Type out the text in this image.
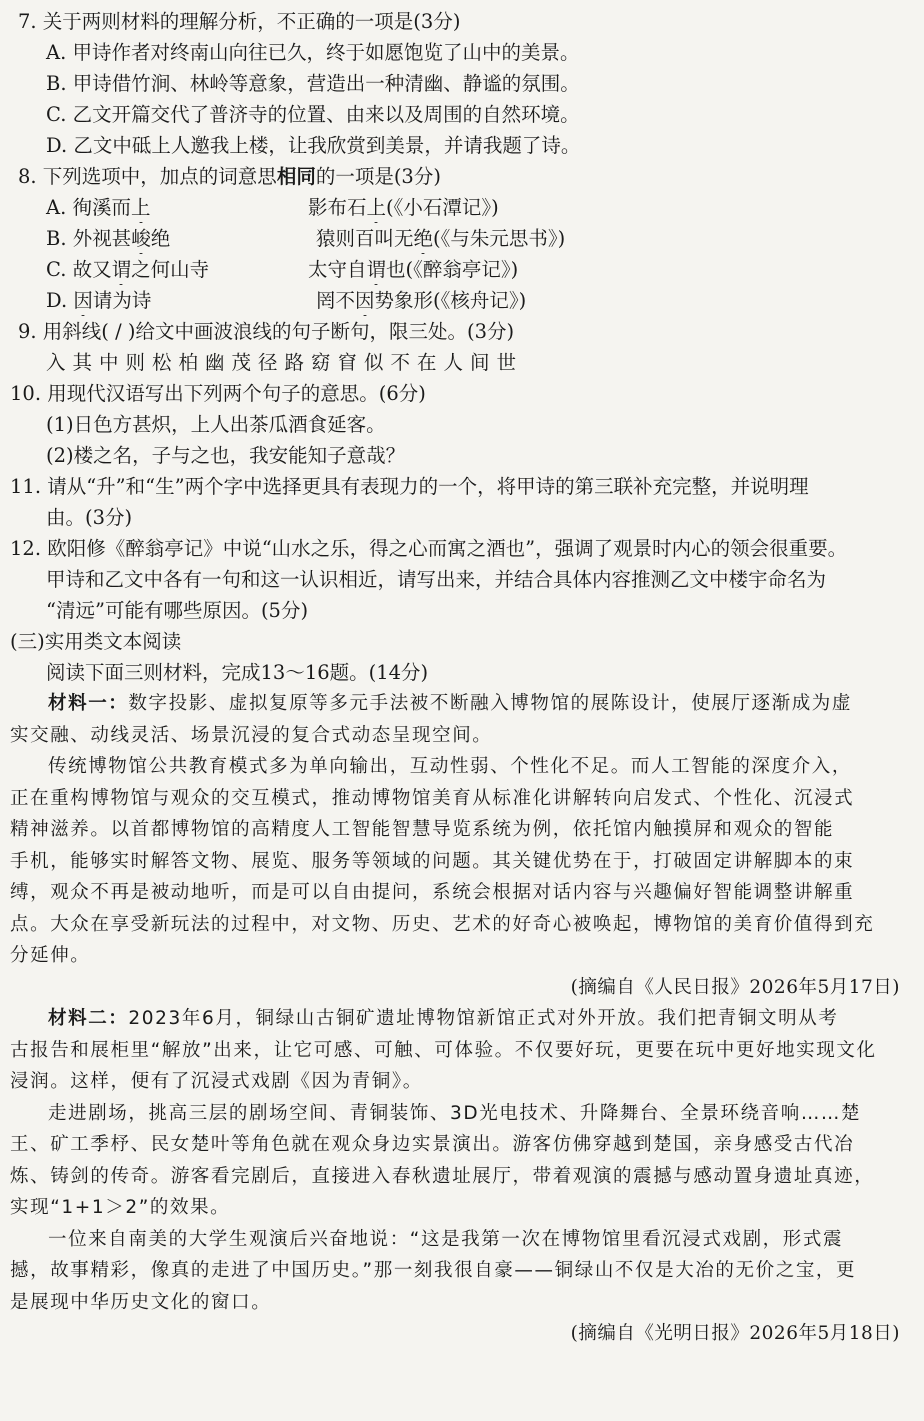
7. 关于两则材料的理解分析，不正确的一项是(3分)
A. 甲诗作者对终南山向往已久，终于如愿饱览了山中的美景。
B. 甲诗借竹涧、林岭等意象，营造出一种清幽、静谧的氛围。
C. 乙文开篇交代了普济寺的位置、由来以及周围的自然环境。
D. 乙文中砥上人邀我上楼，让我欣赏到美景，并请我题了诗。
8. 下列选项中，加点的词意思相同的一项是(3分)
A. 徇溪而上	影布石上(《小石潭记》)
B. 外视甚峻绝	猿则百叫无绝(《与朱元思书》)
C. 故又谓之何山寺	太守自谓也(《醉翁亭记》)
D. 因请为诗	罔不因势象形(《核舟记》)
9. 用斜线( / )给文中画波浪线的句子断句，限三处。(3分)
入其中则松柏幽茂径路窈窅似不在人间世
10. 用现代汉语写出下列两个句子的意思。(6分)
(1)日色方甚炽，上人出茶瓜酒食延客。
(2)楼之名，子与之也，我安能知子意哉？
11. 请从“升”和“生”两个字中选择更具有表现力的一个，将甲诗的第三联补充完整，并说明理
由。(3分)
12. 欧阳修《醉翁亭记》中说“山水之乐，得之心而寓之酒也”，强调了观景时内心的领会很重要。
甲诗和乙文中各有一句和这一认识相近，请写出来，并结合具体内容推测乙文中楼宇命名为
“清远”可能有哪些原因。(5分)
(三)实用类文本阅读
阅读下面三则材料，完成13～16题。(14分)
材料一：数字投影、虚拟复原等多元手法被不断融入博物馆的展陈设计，使展厅逐渐成为虚
实交融、动线灵活、场景沉浸的复合式动态呈现空间。
传统博物馆公共教育模式多为单向输出，互动性弱、个性化不足。而人工智能的深度介入，
正在重构博物馆与观众的交互模式，推动博物馆美育从标准化讲解转向启发式、个性化、沉浸式
精神滋养。以首都博物馆的高精度人工智能智慧导览系统为例，依托馆内触摸屏和观众的智能
手机，能够实时解答文物、展览、服务等领域的问题。其关键优势在于，打破固定讲解脚本的束
缚，观众不再是被动地听，而是可以自由提问，系统会根据对话内容与兴趣偏好智能调整讲解重
点。大众在享受新玩法的过程中，对文物、历史、艺术的好奇心被唤起，博物馆的美育价值得到充
分延伸。
(摘编自《人民日报》2026年5月17日)
材料二：2023年6月，铜绿山古铜矿遗址博物馆新馆正式对外开放。我们把青铜文明从考
古报告和展柜里“解放”出来，让它可感、可触、可体验。不仅要好玩，更要在玩中更好地实现文化
浸润。这样，便有了沉浸式戏剧《因为青铜》。
走进剧场，挑高三层的剧场空间、青铜装饰、3D光电技术、升降舞台、全景环绕音响……楚
王、矿工季杼、民女楚叶等角色就在观众身边实景演出。游客仿佛穿越到楚国，亲身感受古代冶
炼、铸剑的传奇。游客看完剧后，直接进入春秋遗址展厅，带着观演的震撼与感动置身遗址真迹，
实现“1+1＞2”的效果。
一位来自南美的大学生观演后兴奋地说：“这是我第一次在博物馆里看沉浸式戏剧，形式震
撼，故事精彩，像真的走进了中国历史。”那一刻我很自豪——铜绿山不仅是大冶的无价之宝，更
是展现中华历史文化的窗口。
(摘编自《光明日报》2026年5月18日)
